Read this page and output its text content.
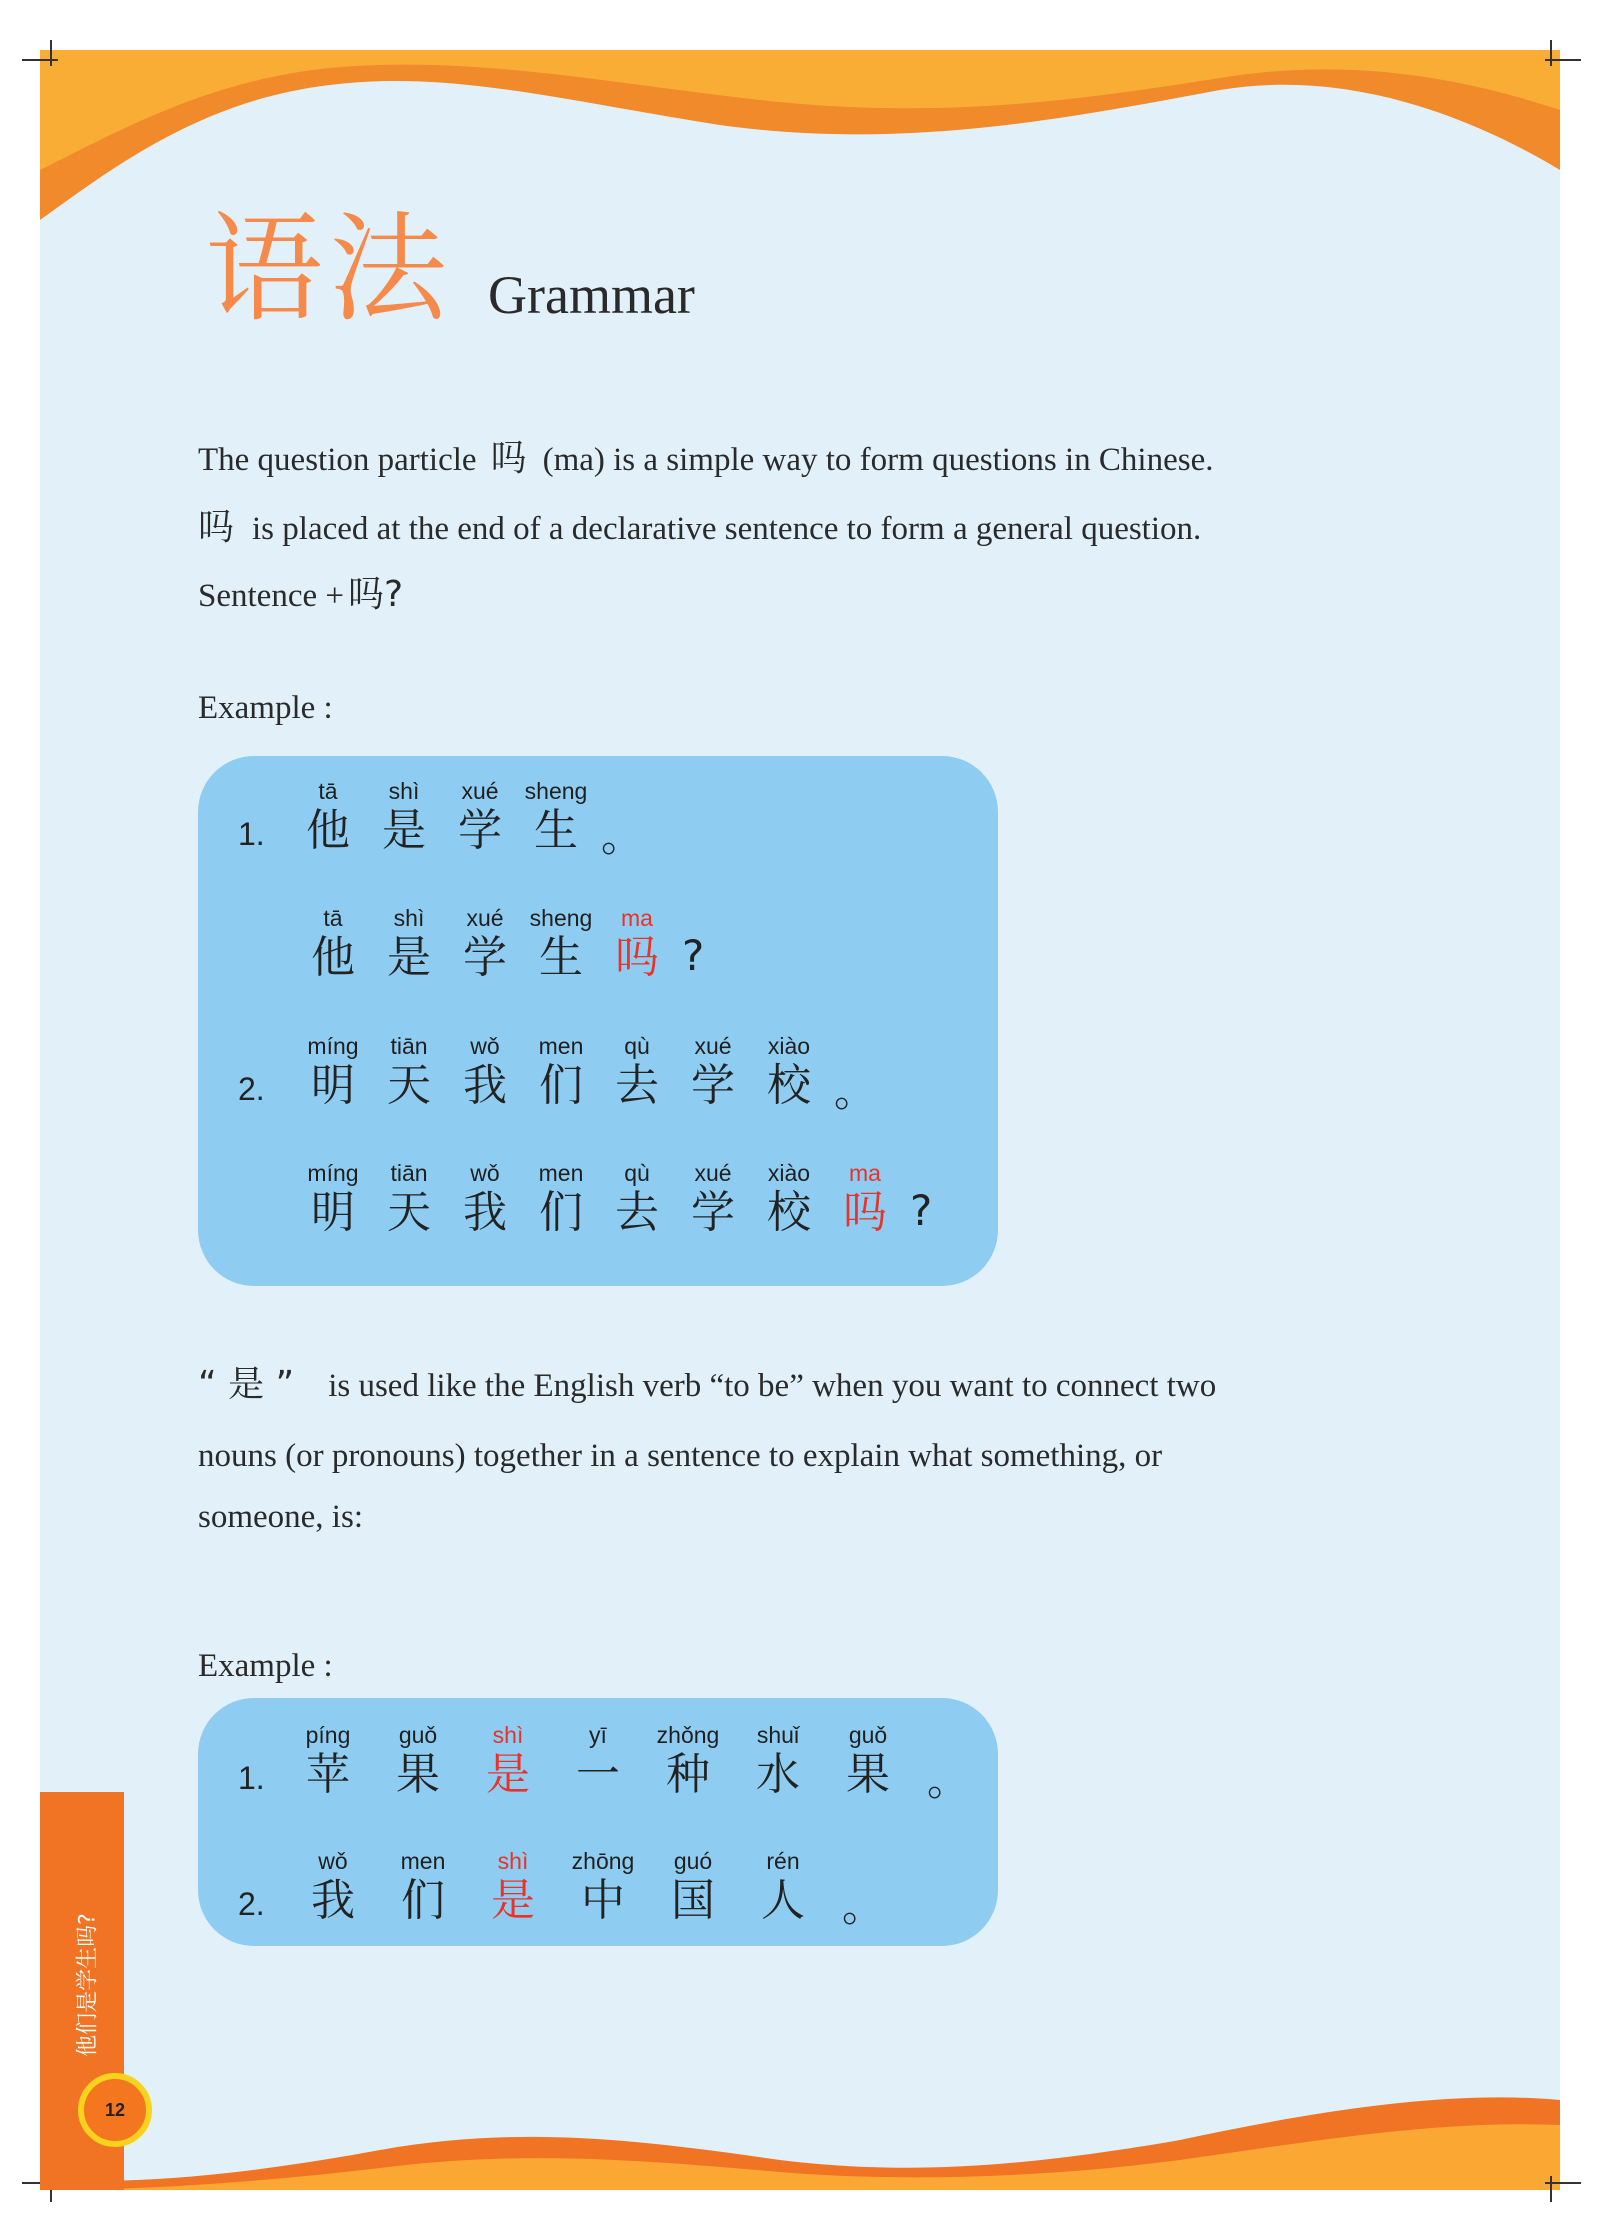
语法 Grammar
The question particle 吗 (ma) is a simple way to form questions in Chinese.
吗 is placed at the end of a declarative sentence to form a general question.
Sentence + 吗?
Example :
1.
2.
tā
他
shì
是
xué
学
sheng
生 。
tā
他
shì
是
xué
学
sheng
生
ma
吗 ?
míng
明
tiān
天
wǒ
我
men
们
qù
去
xué
学
xiào
校 。
míng
明
tiān
天
wǒ
我
men
们
qù
去
xué
学
xiào
校
ma
吗 ?
“ 是 ” is used like the English verb “to be” when you want to connect two
nouns (or pronouns) together in a sentence to explain what something, or
someone, is:
Example :
1.
2.
píng
苹
guǒ
果
shì
是
yī
一
zhǒng
种
shuǐ
水
guǒ
果 。
wǒ
我
men
们
shì
是
zhōng
中
guó
国
rén
人 。
他们是学生吗?
12
